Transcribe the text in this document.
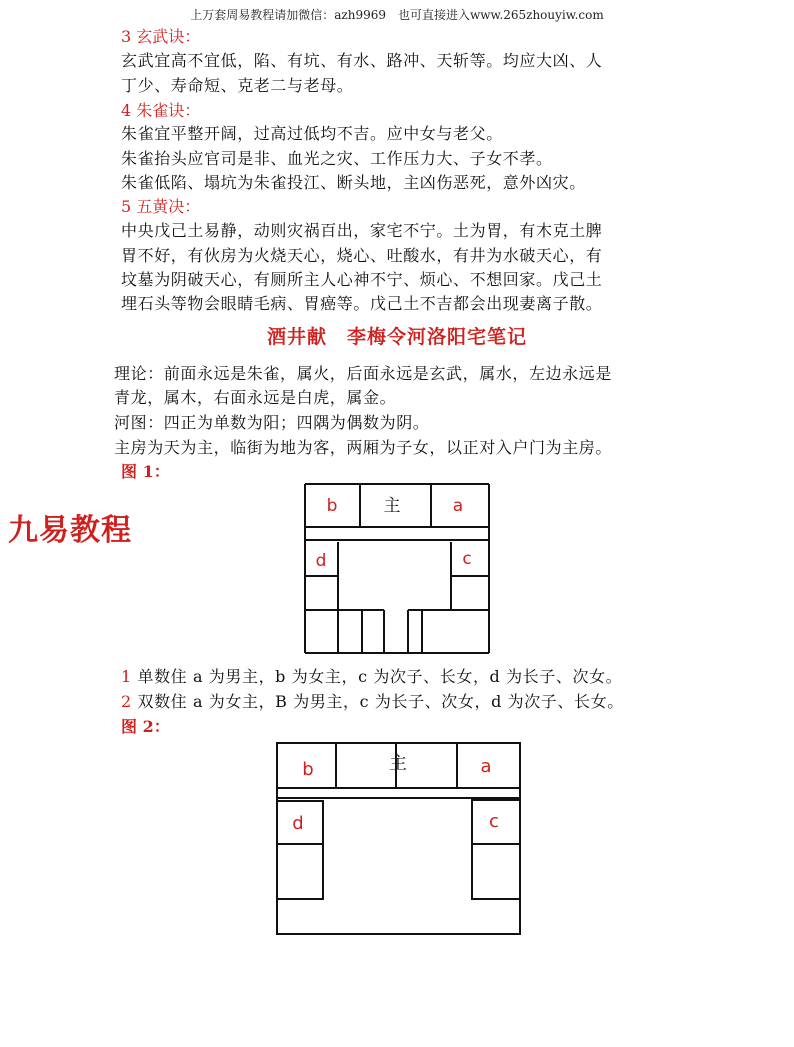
上万套周易教程请加微信：azh9969　也可直接进入www.265zhouyiw.com
3 玄武诀：
玄武宜高不宜低，陷、有坑、有水、路冲、天斩等。均应大凶、人
丁少、寿命短、克老二与老母。
4 朱雀诀：
朱雀宜平整开阔，过高过低均不吉。应中女与老父。
朱雀抬头应官司是非、血光之灾、工作压力大、子女不孝。
朱雀低陷、塌坑为朱雀投江、断头地，主凶伤恶死，意外凶灾。
5 五黄决：
中央戊己土易静，动则灾祸百出，家宅不宁。土为胃，有木克土脾
胃不好，有伙房为火烧天心，烧心、吐酸水，有井为水破天心，有
坟墓为阴破天心，有厕所主人心神不宁、烦心、不想回家。戊己土
埋石头等物会眼睛毛病、胃癌等。戊己土不吉都会出现妻离子散。
酒井献　李梅令河洛阳宅笔记
理论：前面永远是朱雀，属火，后面永远是玄武，属水，左边永远是
青龙，属木，右面永远是白虎，属金。
河图：四正为单数为阳；四隅为偶数为阴。
主房为天为主，临街为地为客，两厢为子女，以正对入户门为主房。
图 1：
九易教程
b	主	a
d	c
1 单数住 a 为男主，b 为女主，c 为次子、长女，d 为长子、次女。
2 双数住 a 为女主，B 为男主，c 为长子、次女，d 为次子、长女。
图 2：
b	主	a
d	c
